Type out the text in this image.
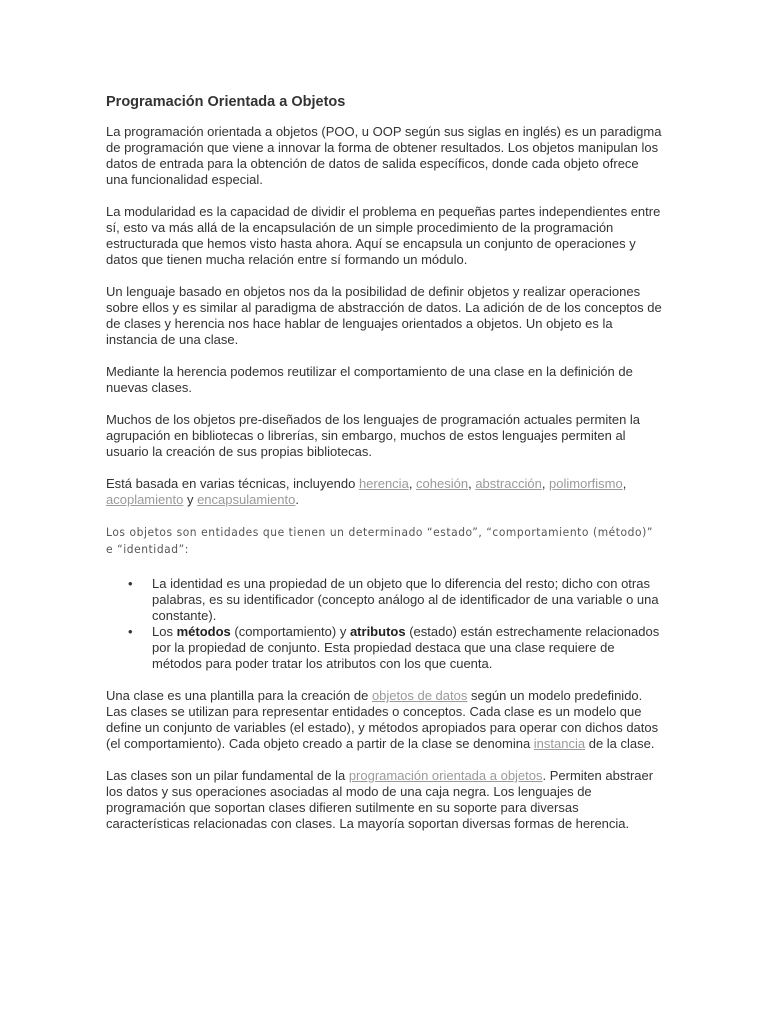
Programación Orientada a Objetos

La programación orientada a objetos (POO, u OOP según sus siglas en inglés) es un paradigma de programación que viene a innovar la forma de obtener resultados. Los objetos manipulan los datos de entrada para la obtención de datos de salida específicos, donde cada objeto ofrece una funcionalidad especial.

La modularidad es la capacidad de dividir el problema en pequeñas partes independientes entre sí, esto va más allá de la encapsulación de un simple procedimiento de la programación estructurada que hemos visto hasta ahora. Aquí se encapsula un conjunto de operaciones y datos que tienen mucha relación entre sí formando un módulo.

Un lenguaje basado en objetos nos da la posibilidad de definir objetos y realizar operaciones sobre ellos y es similar al paradigma de abstracción de datos. La adición de de los conceptos de de clases y herencia nos hace hablar de lenguajes orientados a objetos. Un objeto es la instancia de una clase.

Mediante la herencia podemos reutilizar el comportamiento de una clase en la definición de nuevas clases.

Muchos de los objetos pre-diseñados de los lenguajes de programación actuales permiten la agrupación en bibliotecas o librerías, sin embargo, muchos de estos lenguajes permiten al usuario la creación de sus propias bibliotecas.

Está basada en varias técnicas, incluyendo herencia, cohesión, abstracción, polimorfismo, acoplamiento y encapsulamiento.

Los objetos son entidades que tienen un determinado “estado”, “comportamiento (método)” e “identidad”:

• La identidad es una propiedad de un objeto que lo diferencia del resto; dicho con otras palabras, es su identificador (concepto análogo al de identificador de una variable o una constante).
• Los métodos (comportamiento) y atributos (estado) están estrechamente relacionados por la propiedad de conjunto. Esta propiedad destaca que una clase requiere de métodos para poder tratar los atributos con los que cuenta.

Una clase es una plantilla para la creación de objetos de datos según un modelo predefinido. Las clases se utilizan para representar entidades o conceptos. Cada clase es un modelo que define un conjunto de variables (el estado), y métodos apropiados para operar con dichos datos (el comportamiento). Cada objeto creado a partir de la clase se denomina instancia de la clase.

Las clases son un pilar fundamental de la programación orientada a objetos. Permiten abstraer los datos y sus operaciones asociadas al modo de una caja negra. Los lenguajes de programación que soportan clases difieren sutilmente en su soporte para diversas características relacionadas con clases. La mayoría soportan diversas formas de herencia.
